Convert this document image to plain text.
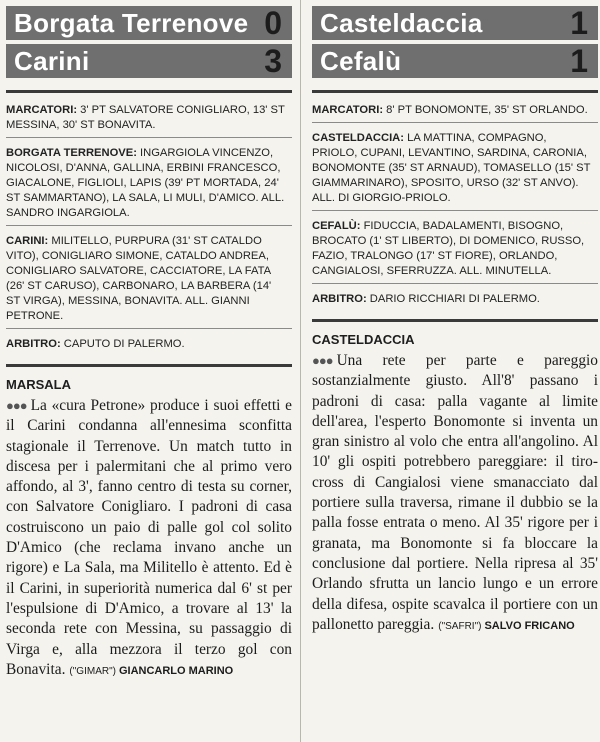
Borgata Terrenove 0
Carini	3

MARCATORI: 3' PT SALVATORE CONIGLIARO, 13' ST MESSINA, 30' ST BONAVITA.

BORGATA TERRENOVE: INGARGIOLA VINCENZO, NICOLOSI, D'ANNA, GALLINA, ERBINI FRANCESCO, GIACALONE, FIGLIOLI, LAPIS (39' PT MORTADA, 24' ST SAMMARTANO), LA SALA, LI MULI, D'AMICO. ALL. SANDRO INGARGIOLA.

CARINI: MILITELLO, PURPURA (31' ST CATALDO VITO), CONIGLIARO SIMONE, CATALDO ANDREA, CONIGLIARO SALVATORE, CACCIATORE, LA FATA (26' ST CARUSO), CARBONARO, LA BARBERA (14' ST VIRGA), MESSINA, BONAVITA. ALL. GIANNI PETRONE.

ARBITRO: CAPUTO DI PALERMO.

MARSALA

●●● La «cura Petrone» produce i suoi effetti e il Carini condanna all'ennesima sconfitta stagionale il Terrenove. Un match tutto in discesa per i palermitani che al primo vero affondo, al 3', fanno centro di testa su corner, con Salvatore Conigliaro. I padroni di casa costruiscono un paio di palle gol col solito D'Amico (che reclama invano anche un rigore) e La Sala, ma Militello è attento. Ed è il Carini, in superiorità numerica dal 6' st per l'espulsione di D'Amico, a trovare al 13' la seconda rete con Messina, su passaggio di Virga e, alla mezzora il terzo gol con Bonavita. ("GIMAR") GIANCARLO MARINO

Casteldaccia	1
Cefalù	1

MARCATORI: 8' PT BONOMONTE, 35' ST ORLANDO.

CASTELDACCIA: LA MATTINA, COMPAGNO, PRIOLO, CUPANI, LEVANTINO, SARDINA, CARONIA, BONOMONTE (35' ST ARNAUD), TOMASELLO (15' ST GIAMMARINARO), SPOSITO, URSO (32' ST ANVO). ALL. DI GIORGIO-PRIOLO.

CEFALÙ: FIDUCCIA, BADALAMENTI, BISOGNO, BROCATO (1' ST LIBERTO), DI DOMENICO, RUSSO, FAZIO, TRALONGO (17' ST FIORE), ORLANDO, CANGIALOSI, SFERRUZZA. ALL. MINUTELLA.

ARBITRO: DARIO RICCHIARI DI PALERMO.

CASTELDACCIA

●●● Una rete per parte e pareggio sostanzialmente giusto. All'8' passano i padroni di casa: palla vagante al limite dell'area, l'esperto Bonomonte si inventa un gran sinistro al volo che entra all'angolino. Al 10' gli ospiti potrebbero pareggiare: il tiro-cross di Cangialosi viene smanacciato dal portiere sulla traversa, rimane il dubbio se la palla fosse entrata o meno. Al 35' rigore per i granata, ma Bonomonte si fa bloccare la conclusione dal portiere. Nella ripresa al 35' Orlando sfrutta un lancio lungo e un errore della difesa, ospite scavalca il portiere con un pallonetto pareggia. ("SAFRI") SALVO FRICANO
